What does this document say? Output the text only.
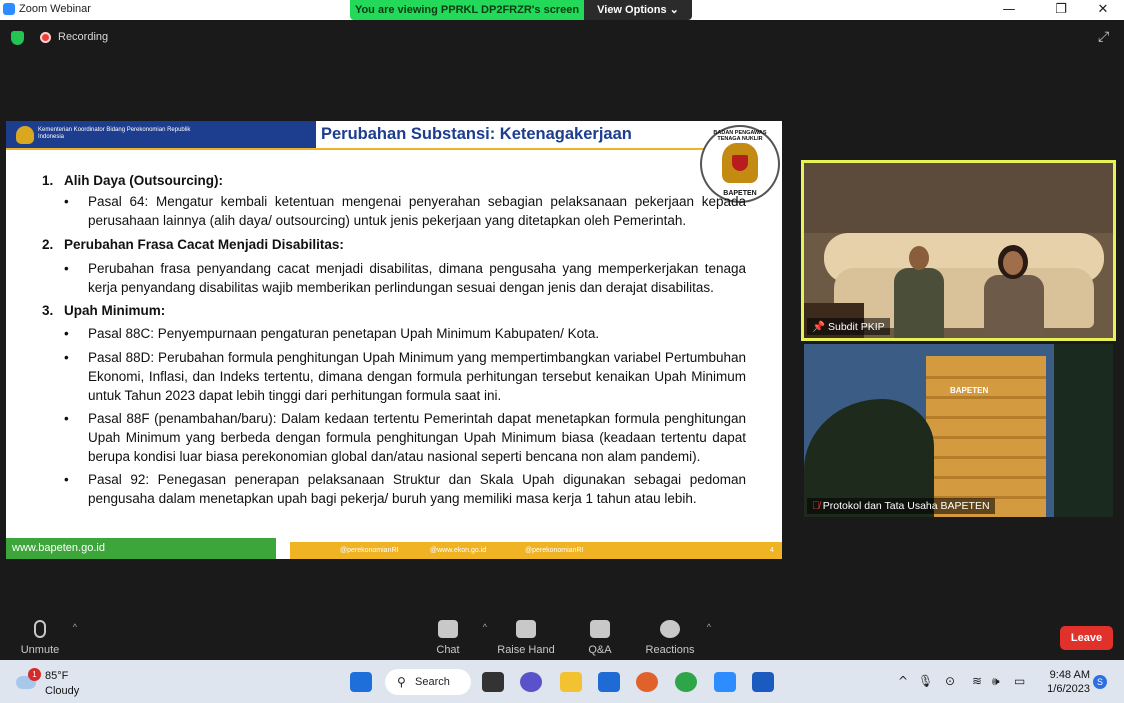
Zoom Webinar	—	❐	✕
You are viewing PPRKL DP2FRZR's screen	View Options ⌄
Recording	⤢
Kementerian Koordinator Bidang Perekonomian Republik Indonesia	Perubahan Substansi: Ketenagakerjaan	BADAN PENGAWAS TENAGA NUKLIR
BAPETEN
1. Alih Daya (Outsourcing):
• Pasal 64: Mengatur kembali ketentuan mengenai penyerahan sebagian pelaksanaan pekerjaan kepada perusahaan lainnya (alih daya/ outsourcing) untuk jenis pekerjaan yang ditetapkan oleh Pemerintah.
2. Perubahan Frasa Cacat Menjadi Disabilitas:
• Perubahan frasa penyandang cacat menjadi disabilitas, dimana pengusaha yang memperkerjakan tenaga kerja penyandang disabilitas wajib memberikan perlindungan sesuai dengan jenis dan derajat disabilitas.
3. Upah Minimum:
• Pasal 88C: Penyempurnaan pengaturan penetapan Upah Minimum Kabupaten/ Kota.
• Pasal 88D: Perubahan formula penghitungan Upah Minimum yang mempertimbangkan variabel Pertumbuhan Ekonomi, Inflasi, dan Indeks tertentu, dimana dengan formula perhitungan tersebut kenaikan Upah Minimum untuk Tahun 2023 dapat lebih tinggi dari perhitungan formula saat ini.
• Pasal 88F (penambahan/baru): Dalam kedaan tertentu Pemerintah dapat menetapkan formula penghitungan Upah Minimum yang berbeda dengan formula penghitungan Upah Minimum biasa (keadaan tertentu dapat berupa kondisi luar biasa perekonomian global dan/atau nasional seperti bencana non alam pandemi).
• Pasal 92: Penegasan penerapan pelaksanaan Struktur dan Skala Upah digunakan sebagai pedoman pengusaha dalam menetapkan upah bagi pekerja/ buruh yang memiliki masa kerja 1 tahun atau lebih.
www.bapeten.go.id	@perekonomianRI	@www.ekon.go.id	@perekonomianRI	4
📌 Subdit PKIP
BAPETEN
🎙̸ Protokol dan Tata Usaha BAPETEN
Unmute
^
Chat
^
Raise Hand	Q&A	Reactions
^
Leave
1 85°F
Cloudy
⚲ Search	^ 🎙 ⊙ ≋ 🕪 ▭	9:48 AM
1/6/2023
S
